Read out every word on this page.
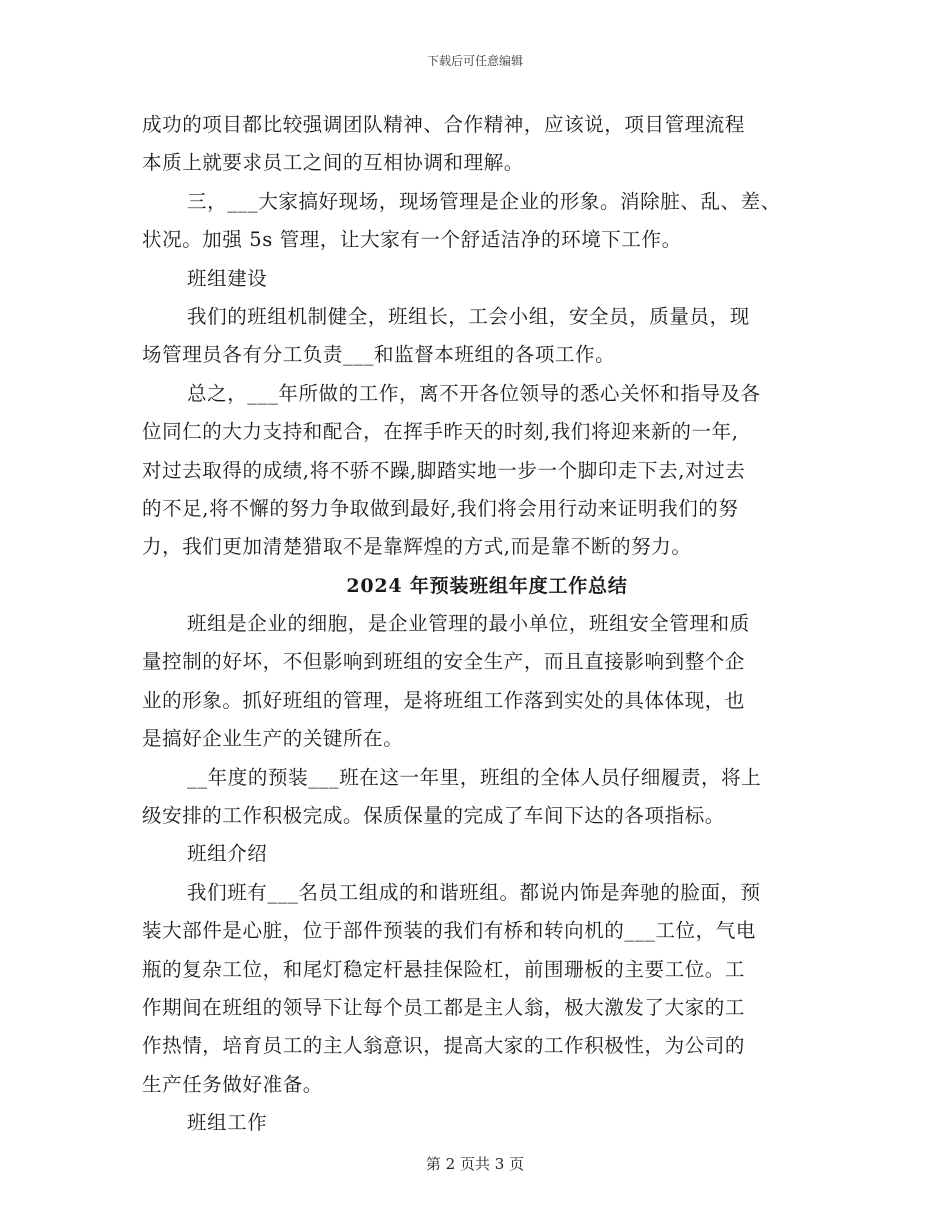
下载后可任意编辑
成功的项目都比较强调团队精神、合作精神，应该说，项目管理流程
本质上就要求员工之间的互相协调和理解。
三，___大家搞好现场，现场管理是企业的形象。消除脏、乱、差、
状况。加强 5s 管理，让大家有一个舒适洁净的环境下工作。
班组建设
我们的班组机制健全，班组长，工会小组，安全员，质量员，现
场管理员各有分工负责___和监督本班组的各项工作。
总之，___年所做的工作，离不开各位领导的悉心关怀和指导及各
位同仁的大力支持和配合，在挥手昨天的时刻,我们将迎来新的一年,
对过去取得的成绩,将不骄不躁,脚踏实地一步一个脚印走下去,对过去
的不足,将不懈的努力争取做到最好,我们将会用行动来证明我们的努
力，我们更加清楚猎取不是靠辉煌的方式,而是靠不断的努力。
2024 年预装班组年度工作总结
班组是企业的细胞，是企业管理的最小单位，班组安全管理和质
量控制的好坏，不但影响到班组的安全生产，而且直接影响到整个企
业的形象。抓好班组的管理，是将班组工作落到实处的具体体现，也
是搞好企业生产的关键所在。
__年度的预装___班在这一年里，班组的全体人员仔细履责，将上
级安排的工作积极完成。保质保量的完成了车间下达的各项指标。
班组介绍
我们班有___名员工组成的和谐班组。都说内饰是奔驰的脸面，预
装大部件是心脏，位于部件预装的我们有桥和转向机的___工位，气电
瓶的复杂工位，和尾灯稳定杆悬挂保险杠，前围珊板的主要工位。工
作期间在班组的领导下让每个员工都是主人翁，极大激发了大家的工
作热情，培育员工的主人翁意识，提高大家的工作积极性，为公司的
生产任务做好准备。
班组工作
第 2 页共 3 页
